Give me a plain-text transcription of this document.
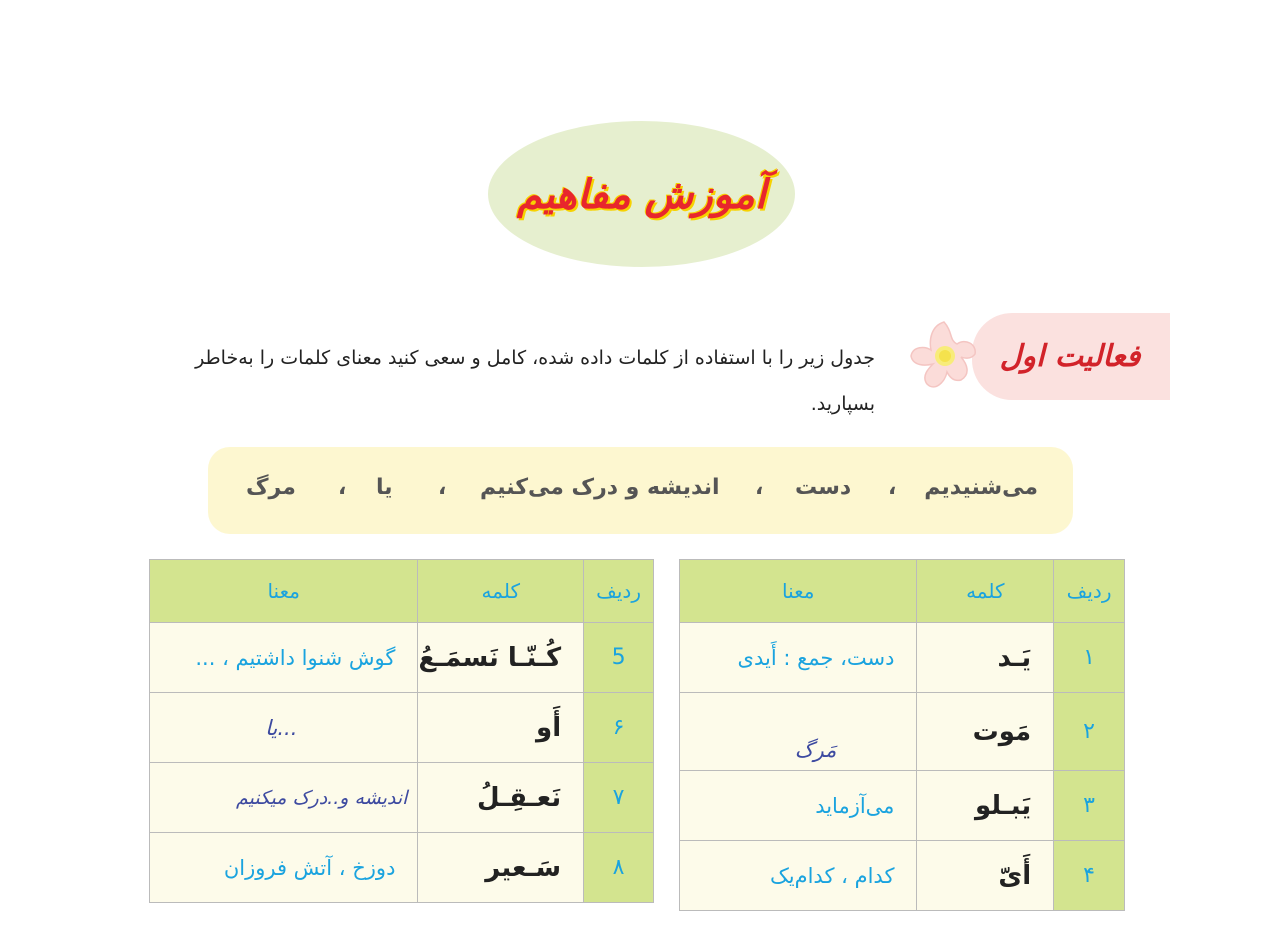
آموزش مفاهیم
فعالیت اول
جدول زیر را با استفاده از کلمات داده شده، کامل و سعی کنید معنای کلمات را به‌خاطر بسپارید.
می‌شنیدیم
،
دست
،
اندیشه و درک می‌کنیم
،
یا
،
مرگ
ردیف	کلمه	معنا
۱	یَـد	دست، جمع : أَیدی
۲	مَوت	مَرگ
۳	یَبـلو	می‌آزماید
۴	أَیّ	کدام ، کدام‌یک
ردیف	کلمه	معنا
5	کُـنّـا نَسمَـعُ	گوش شنوا داشتیم ، ...
۶	أَو	...یا
۷	نَعـقِـلُ	اندیشه و..درک میکنیم
۸	سَـعیر	دوزخ ، آتش فروزان
